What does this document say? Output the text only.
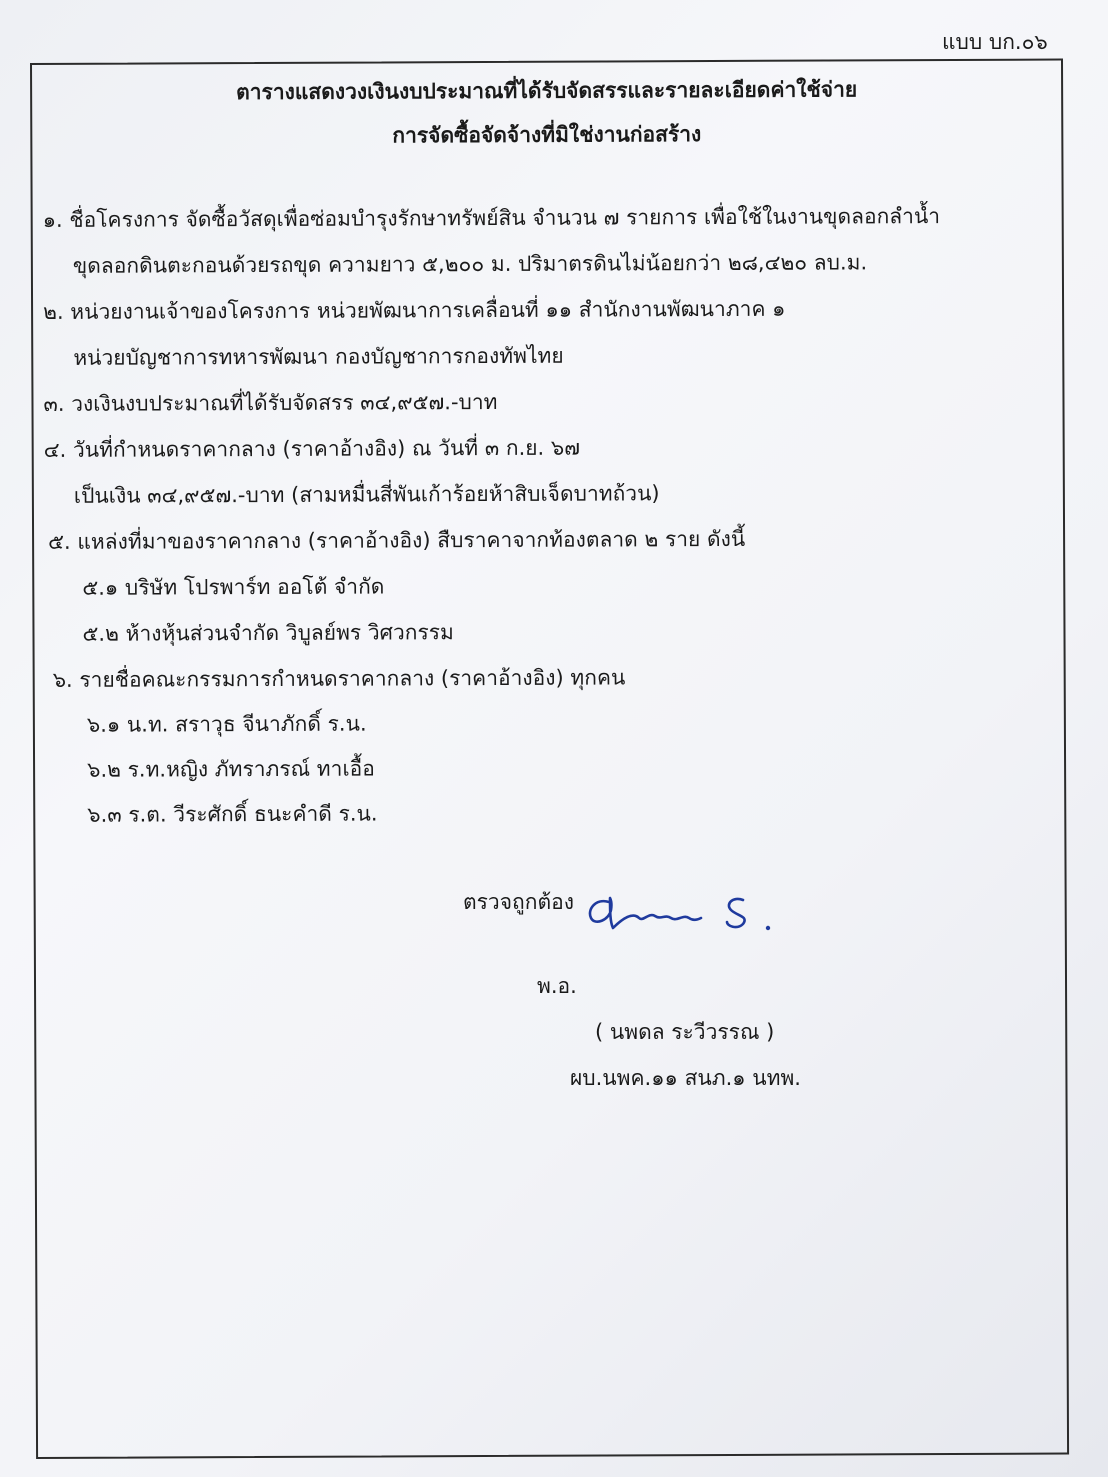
แบบ บก.๐๖
ตารางแสดงวงเงินงบประมาณที่ได้รับจัดสรรและรายละเอียดค่าใช้จ่าย
การจัดซื้อจัดจ้างที่มิใช่งานก่อสร้าง
๑. ชื่อโครงการ จัดซื้อวัสดุเพื่อซ่อมบำรุงรักษาทรัพย์สิน จำนวน ๗ รายการ เพื่อใช้ในงานขุดลอกลำน้ำ
ขุดลอกดินตะกอนด้วยรถขุด ความยาว ๕,๒๐๐ ม. ปริมาตรดินไม่น้อยกว่า ๒๘,๔๒๐ ลบ.ม.
๒. หน่วยงานเจ้าของโครงการ หน่วยพัฒนาการเคลื่อนที่ ๑๑ สำนักงานพัฒนาภาค ๑
หน่วยบัญชาการทหารพัฒนา กองบัญชาการกองทัพไทย
๓. วงเงินงบประมาณที่ได้รับจัดสรร ๓๔,๙๕๗.-บาท
๔. วันที่กำหนดราคากลาง (ราคาอ้างอิง) ณ วันที่ ๓ ก.ย. ๖๗
เป็นเงิน ๓๔,๙๕๗.-บาท (สามหมื่นสี่พันเก้าร้อยห้าสิบเจ็ดบาทถ้วน)
๕. แหล่งที่มาของราคากลาง (ราคาอ้างอิง) สืบราคาจากท้องตลาด ๒ ราย ดังนี้
๕.๑ บริษัท โปรพาร์ท ออโต้ จำกัด
๕.๒ ห้างหุ้นส่วนจำกัด วิบูลย์พร วิศวกรรม
๖. รายชื่อคณะกรรมการกำหนดราคากลาง (ราคาอ้างอิง) ทุกคน
๖.๑ น.ท. สราวุธ จีนาภักดิ์ ร.น.
๖.๒ ร.ท.หญิง ภัทราภรณ์ ทาเอื้อ
๖.๓ ร.ต. วีระศักดิ์ ธนะคำดี ร.น.
ตรวจถูกต้อง
พ.อ.
( นพดล ระวีวรรณ )
ผบ.นพค.๑๑ สนภ.๑ นทพ.
